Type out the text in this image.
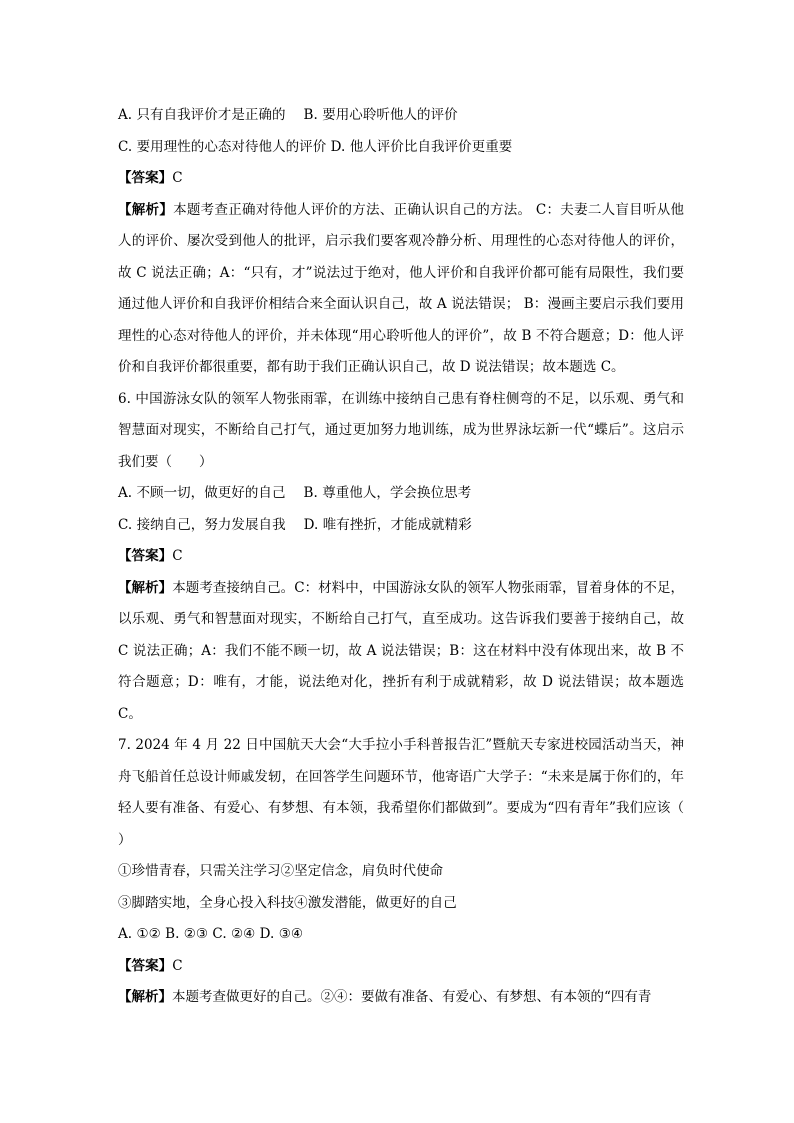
A. 只有自我评价才是正确的 B. 要用心聆听他人的评价
C. 要用理性的心态对待他人的评价 D. 他人评价比自我评价更重要
【答案】C
【解析】本题考查正确对待他人评价的方法、正确认识自己的方法。 C：夫妻二人盲目听从他人的评价、屡次受到他人的批评，启示我们要客观冷静分析、用理性的心态对待他人的评价，故 C 说法正确；A：“只有，才”说法过于绝对，他人评价和自我评价都可能有局限性，我们要通过他人评价和自我评价相结合来全面认识自己，故 A 说法错误； B：漫画主要启示我们要用理性的心态对待他人的评价，并未体现“用心聆听他人的评价”，故 B 不符合题意；D：他人评价和自我评价都很重要，都有助于我们正确认识自己，故 D 说法错误；故本题选 C。
6. 中国游泳女队的领军人物张雨霏，在训练中接纳自己患有脊柱侧弯的不足，以乐观、勇气和智慧面对现实，不断给自己打气，通过更加努力地训练，成为世界泳坛新一代“蝶后”。这启示我们要（　　）
A. 不顾一切，做更好的自己 B. 尊重他人，学会换位思考
C. 接纳自己，努力发展自我 D. 唯有挫折，才能成就精彩
【答案】C
【解析】本题考查接纳自己。C：材料中，中国游泳女队的领军人物张雨霏，冒着身体的不足，以乐观、勇气和智慧面对现实，不断给自己打气，直至成功。这告诉我们要善于接纳自己，故 C 说法正确；A：我们不能不顾一切，故 A 说法错误；B：这在材料中没有体现出来，故 B 不符合题意；D：唯有，才能，说法绝对化，挫折有利于成就精彩，故 D 说法错误；故本题选 C。
7. 2024 年 4 月 22 日中国航天大会“大手拉小手科普报告汇”暨航天专家进校园活动当天，神舟飞船首任总设计师戚发轫，在回答学生问题环节，他寄语广大学子：“未来是属于你们的，年轻人要有准备、有爱心、有梦想、有本领，我希望你们都做到”。要成为“四有青年”我们应该（　　）
①珍惜青春，只需关注学习②坚定信念，肩负时代使命
③脚踏实地，全身心投入科技④激发潜能，做更好的自己
A. ①② B. ②③ C. ②④ D. ③④
【答案】C
【解析】本题考查做更好的自己。②④：要做有准备、有爱心、有梦想、有本领的“四有青
